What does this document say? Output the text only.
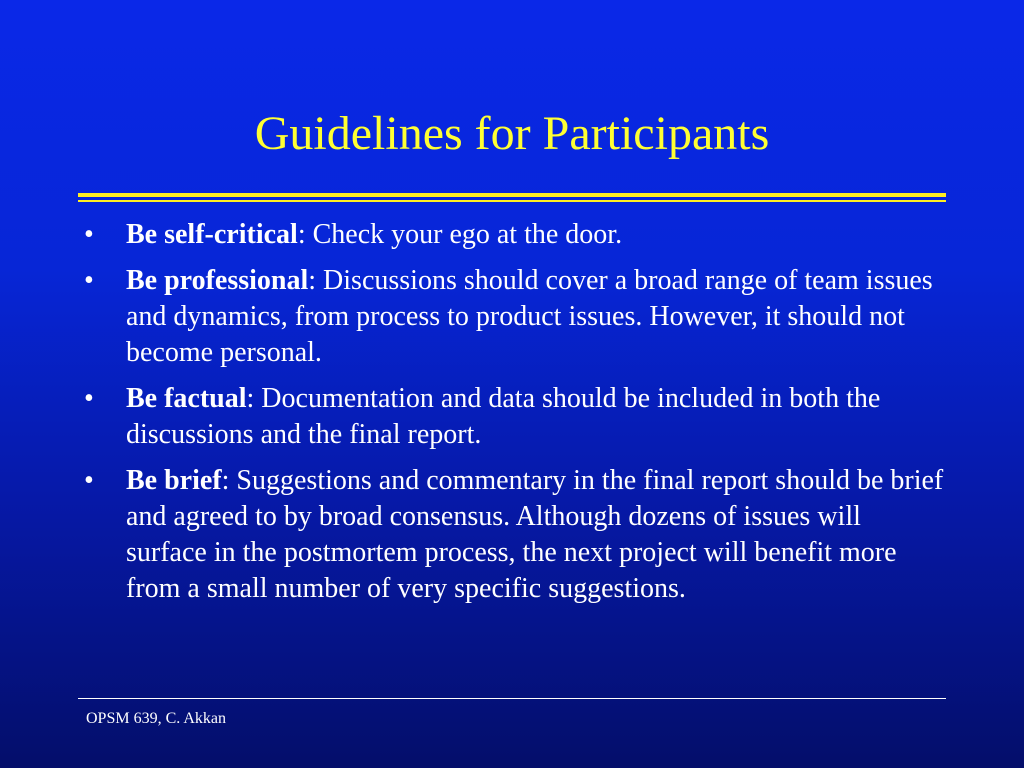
Guidelines for Participants
•	Be self-critical: Check your ego at the door.
•	Be professional: Discussions should cover a broad range of team issues and dynamics, from process to product issues. However, it should not become personal.
•	Be factual: Documentation and data should be included in both the discussions and the final report.
•	Be brief: Suggestions and commentary in the final report should be brief and agreed to by broad consensus. Although dozens of issues will surface in the postmortem process, the next project will benefit more from a small number of very specific suggestions.
OPSM 639, C. Akkan
